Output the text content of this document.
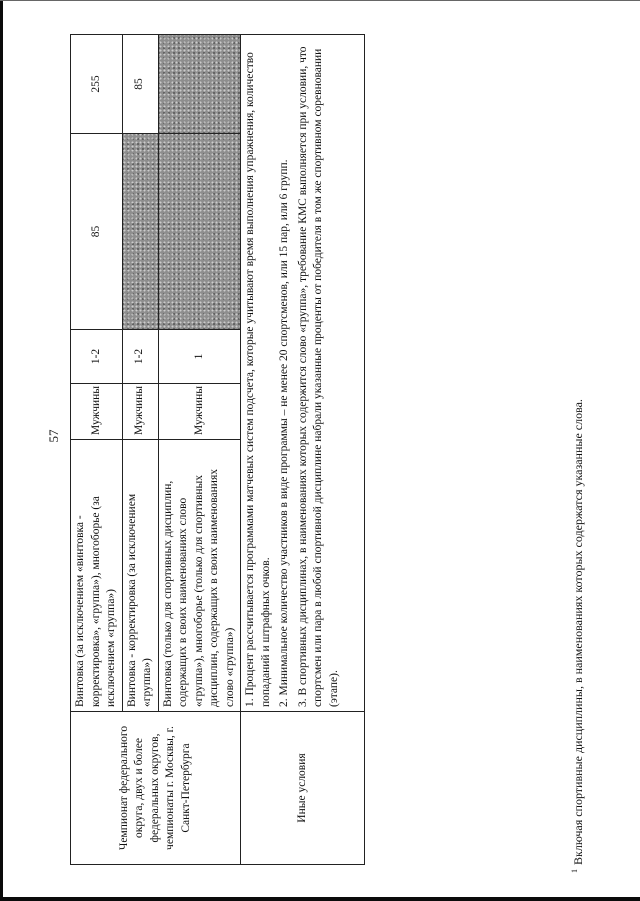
57
Чемпионат федерального округа, двух и более федеральных округов, чемпионаты г. Москвы, г. Санкт-Петербурга	Винтовка (за исключением «винтовка - корректировка», «группа»), многоборье (за исключением «группа»)	Мужчины	1-2	85	255
	Винтовка - корректировка (за исключением «группа»)	Мужчины	1-2		85
	Винтовка (только для спортивных дисциплин, содержащих в своих наименованиях слово «группа»), многоборье (только для спортивных дисциплин, содержащих в своих наименованиях слово «группа»)	Мужчины	1		
Иные условия	1. Процент рассчитывается программами матчевых систем подсчета, которые учитывают время выполнения упражнения, количество попаданий и штрафных очков. 2. Минимальное количество участников в виде программы – не менее 20 спортсменов, или 15 пар, или 6 групп. 3. В спортивных дисциплинах, в наименованиях которых содержится слово «группа», требование КМС выполняется при условии, что спортсмен или пара в любой спортивной дисциплине набрали указанные проценты от победителя в том же спортивном соревновании (этапе).				

$^1$Включая спортивные дисциплины, в наименованиях которых содержатся указанные слова.
